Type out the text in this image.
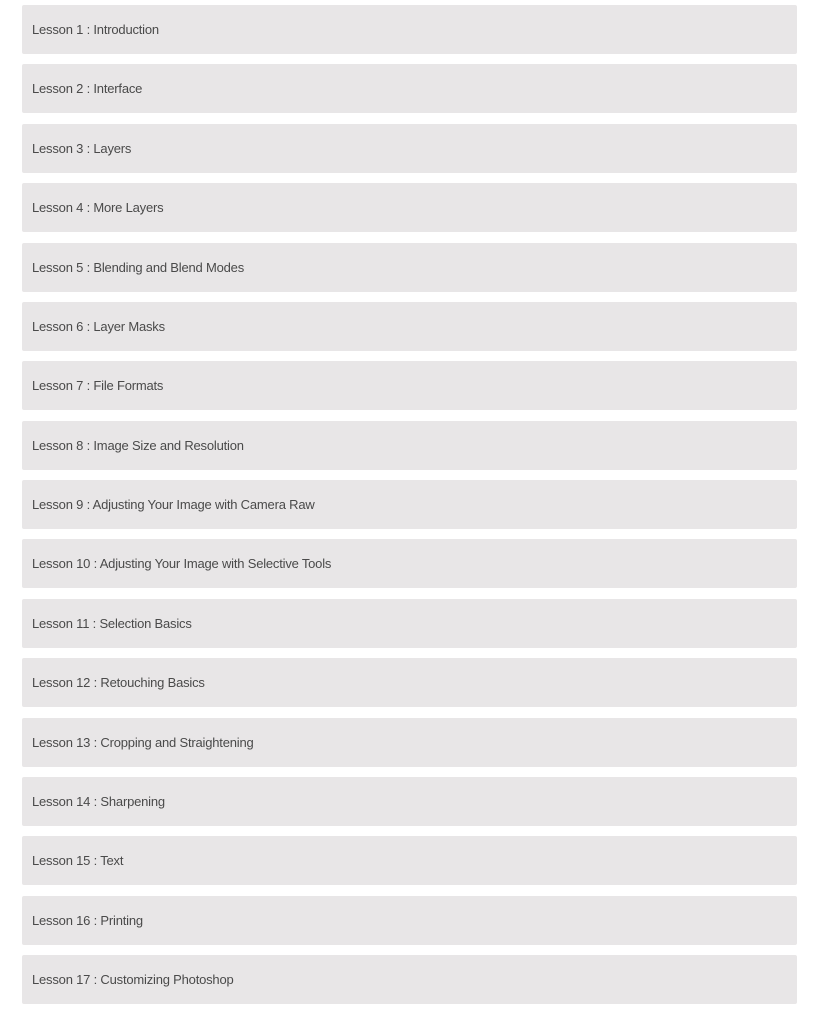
Lesson 1 : Introduction
Lesson 2 : Interface
Lesson 3 : Layers
Lesson 4 : More Layers
Lesson 5 : Blending and Blend Modes
Lesson 6 : Layer Masks
Lesson 7 : File Formats
Lesson 8 : Image Size and Resolution
Lesson 9 : Adjusting Your Image with Camera Raw
Lesson 10 : Adjusting Your Image with Selective Tools
Lesson 11 : Selection Basics
Lesson 12 : Retouching Basics
Lesson 13 : Cropping and Straightening
Lesson 14 : Sharpening
Lesson 15 : Text
Lesson 16 : Printing
Lesson 17 : Customizing Photoshop
